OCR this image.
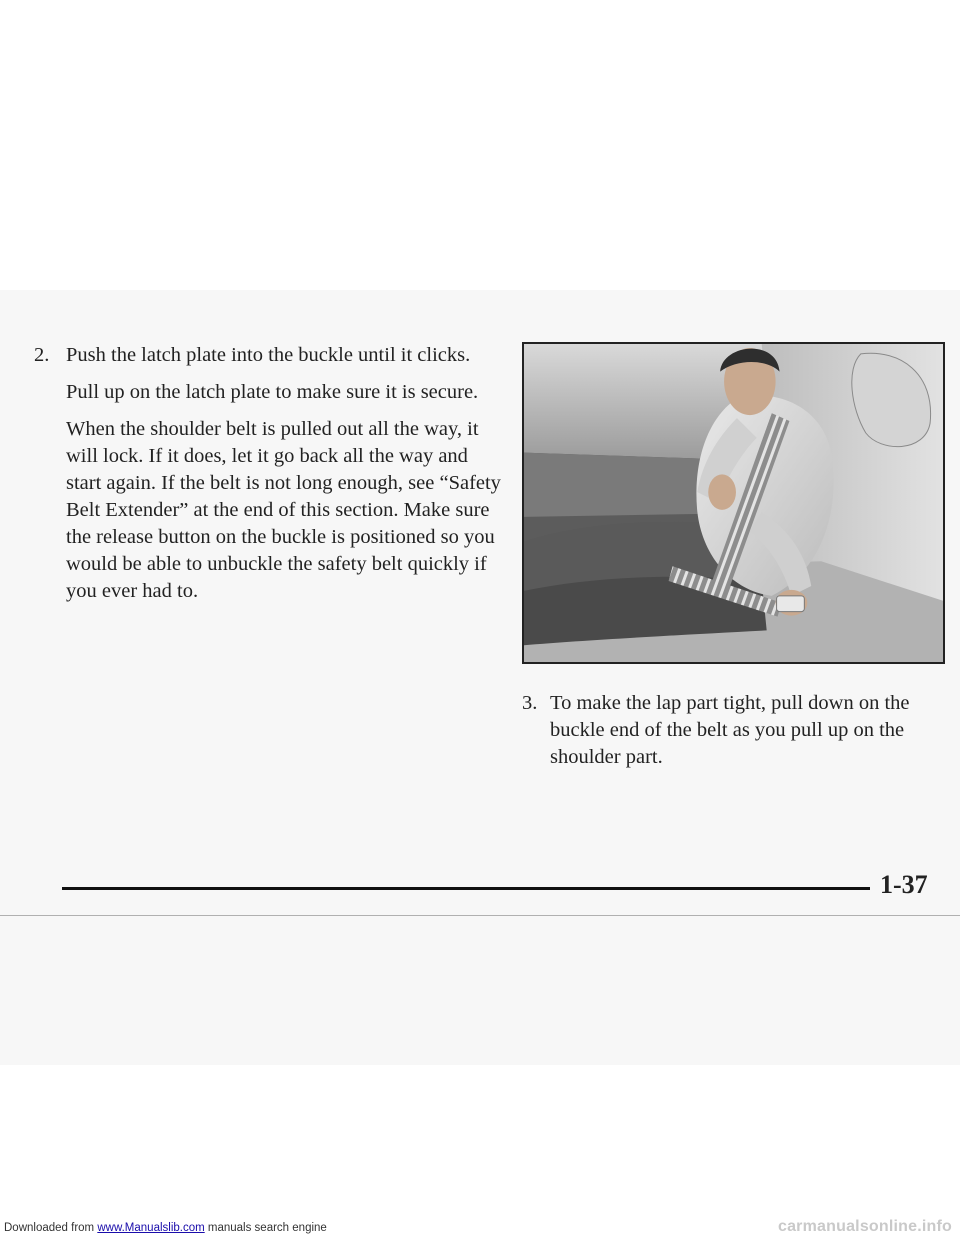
2. Push the latch plate into the buckle until it clicks.

Pull up on the latch plate to make sure it is secure.

When the shoulder belt is pulled out all the way, it will lock. If it does, let it go back all the way and start again. If the belt is not long enough, see “Safety Belt Extender” at the end of this section. Make sure the release button on the buckle is positioned so you would be able to unbuckle the safety belt quickly if you ever had to.

3. To make the lap part tight, pull down on the buckle end of the belt as you pull up on the shoulder part.

1-37
Downloaded from www.Manualslib.com manuals search engine	carmanualsonline.info
